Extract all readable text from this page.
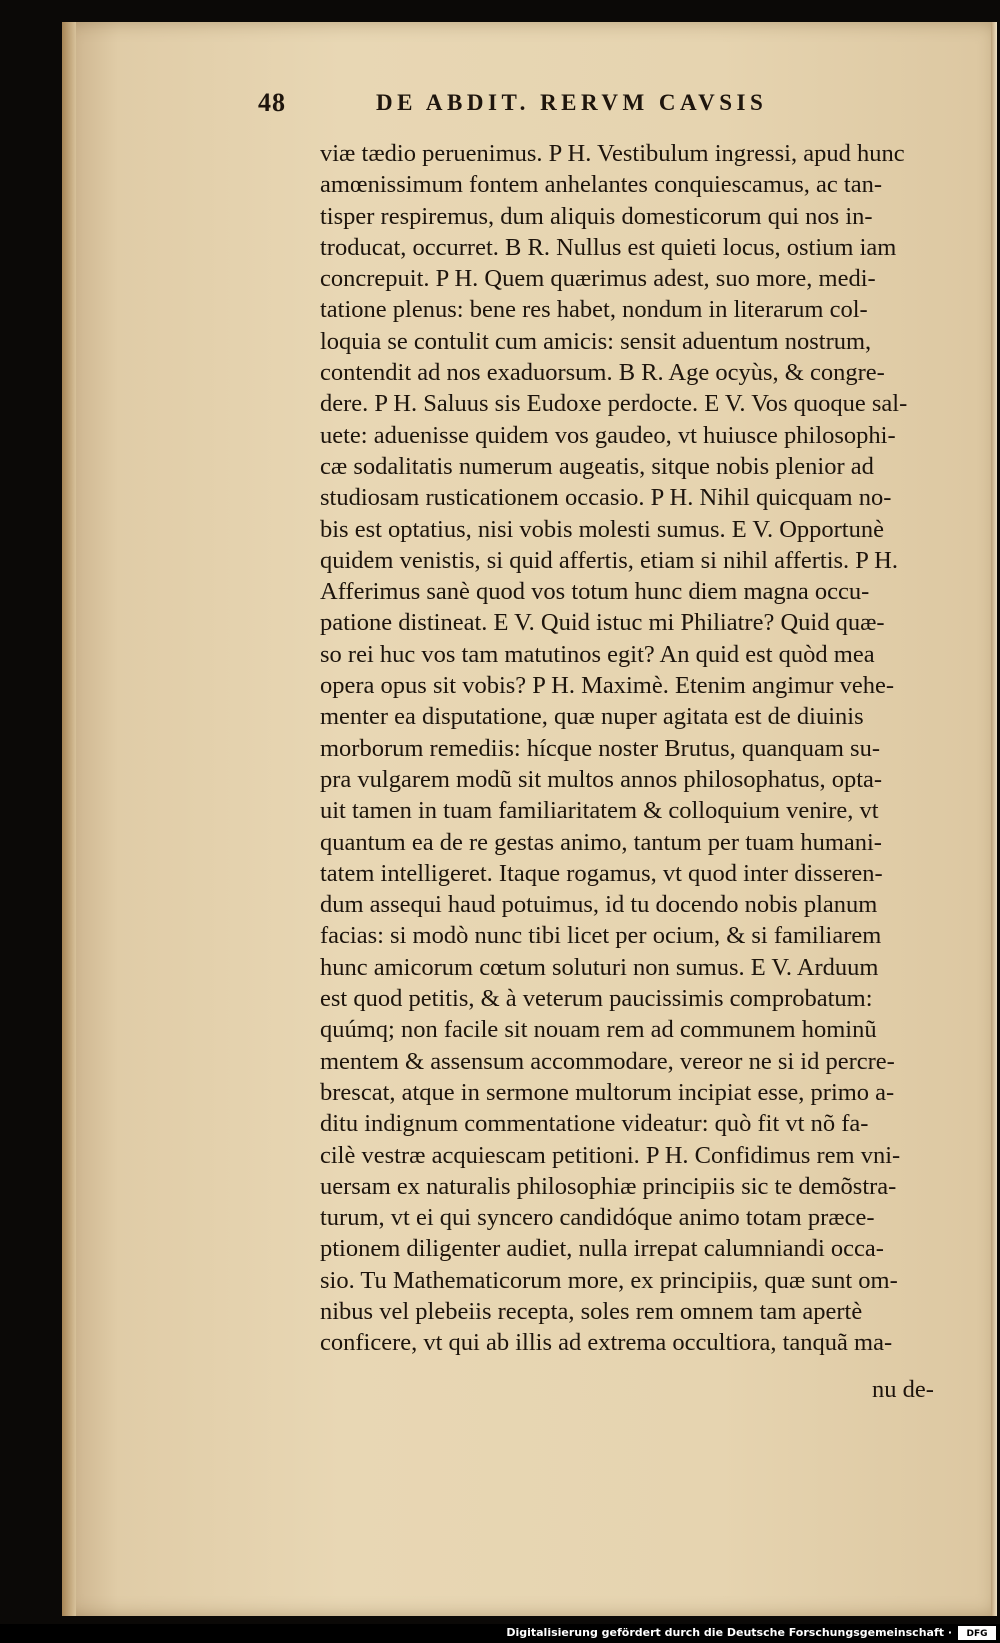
48	DE ABDIT. RERVM CAVSIS
viæ tædio peruenimus. P H. Vestibulum ingressi, apud hunc
amœnissimum fontem anhelantes conquiescamus, ac tan-
tisper respiremus, dum aliquis domesticorum qui nos in-
troducat, occurret. B R. Nullus est quieti locus, ostium iam
concrepuit. P H. Quem quærimus adest, suo more, medi-
tatione plenus: bene res habet, nondum in literarum col-
loquia se contulit cum amicis: sensit aduentum nostrum,
contendit ad nos exaduorsum. B R. Age ocyùs, & congre-
dere. P H. Saluus sis Eudoxe perdocte. E V. Vos quoque sal-
uete: aduenisse quidem vos gaudeo, vt huiusce philosophi-
cæ sodalitatis numerum augeatis, sitque nobis plenior ad
studiosam rusticationem occasio. P H. Nihil quicquam no-
bis est optatius, nisi vobis molesti sumus. E V. Opportunè
quidem venistis, si quid affertis, etiam si nihil affertis. P H.
Afferimus sanè quod vos totum hunc diem magna occu-
patione distineat. E V. Quid istuc mi Philiatre? Quid quæ-
so rei huc vos tam matutinos egit? An quid est quòd mea
opera opus sit vobis? P H. Maximè. Etenim angimur vehe-
menter ea disputatione, quæ nuper agitata est de diuinis
morborum remediis: hícque noster Brutus, quanquam su-
pra vulgarem modũ sit multos annos philosophatus, opta-
uit tamen in tuam familiaritatem & colloquium venire, vt
quantum ea de re gestas animo, tantum per tuam humani-
tatem intelligeret. Itaque rogamus, vt quod inter disseren-
dum assequi haud potuimus, id tu docendo nobis planum
facias: si modò nunc tibi licet per ocium, & si familiarem
hunc amicorum cœtum soluturi non sumus. E V. Arduum
est quod petitis, & à veterum paucissimis comprobatum:
quúmq; non facile sit nouam rem ad communem hominũ
mentem & assensum accommodare, vereor ne si id percre-
brescat, atque in sermone multorum incipiat esse, primo a-
ditu indignum commentatione videatur: quò fit vt nõ fa-
cilè vestræ acquiescam petitioni. P H. Confidimus rem vni-
uersam ex naturalis philosophiæ principiis sic te demõstra-
turum, vt ei qui syncero candidóque animo totam præce-
ptionem diligenter audiet, nulla irrepat calumniandi occa-
sio. Tu Mathematicorum more, ex principiis, quæ sunt om-
nibus vel plebeiis recepta, soles rem omnem tam apertè
conficere, vt qui ab illis ad extrema occultiora, tanquã ma-
nu de-
Digitalisierung gefördert durch die Deutsche Forschungsgemeinschaft ·	DFG
